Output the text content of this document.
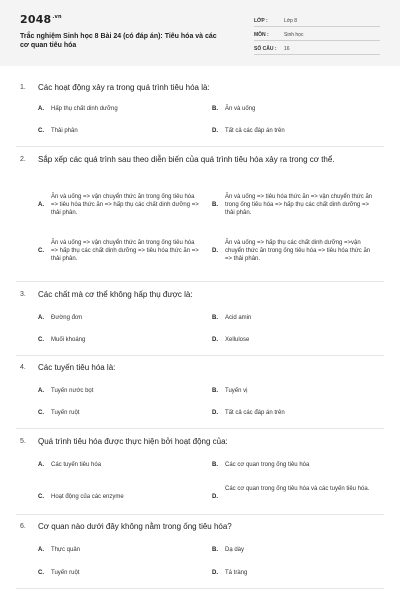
$2048^{.vn}$
Trắc nghiệm Sinh học 8 Bài 24 (có đáp án): Tiêu hóa và các cơ quan tiêu hóa
LỚP :	Lớp 8
MÔN :	Sinh học
SỐ CÂU : 16
1.	Các hoạt động xảy ra trong quá trình tiêu hóa là:
A. Hấp thụ chất dinh dưỡng	B. Ăn và uống
C. Thải phân	D. Tất cả các đáp án trên
2.	Sắp xếp các quá trình sau theo diễn biến của quá trình tiêu hóa xảy ra trong cơ thể.
A.
Ăn và uống => vận chuyển thức ăn trong ống tiêu hóa => tiêu hóa thức ăn => hấp thụ các chất dinh dưỡng => thải phân.
B.
Ăn và uống => tiêu hóa thức ăn => vận chuyển thức ăn trong ống tiêu hóa => hấp thụ các chất dinh dưỡng => thải phân.
C.
Ăn và uống => vận chuyển thức ăn trong ống tiêu hóa => hấp thụ các chất dinh dưỡng => tiêu hóa thức ăn => thải phân.
D.
Ăn và uống => hấp thụ các chất dinh dưỡng =>vận chuyển thức ăn trong ống tiêu hóa => tiêu hóa thức ăn => thải phân.
3.	Các chất mà cơ thể không hấp thụ được là:
A. Đường đơn	B. Acid amin
C. Muối khoáng	D. Xellulose
4.	Các tuyến tiêu hóa là:
A. Tuyến nước bọt	B. Tuyến vị
C. Tuyến ruột	D. Tất cả các đáp án trên
5.	Quá trình tiêu hóa được thực hiện bởi hoạt động của:
A. Các tuyến tiêu hóa	B. Các cơ quan trong ống tiêu hóa
C. Hoạt động của các enzyme	D.
Các cơ quan trong ống tiêu hóa và các tuyến tiêu hóa.
6.	Cơ quan nào dưới đây không nằm trong ống tiêu hóa?
A. Thực quản	B. Dạ dày
C. Tuyến ruột	D. Tá tràng
